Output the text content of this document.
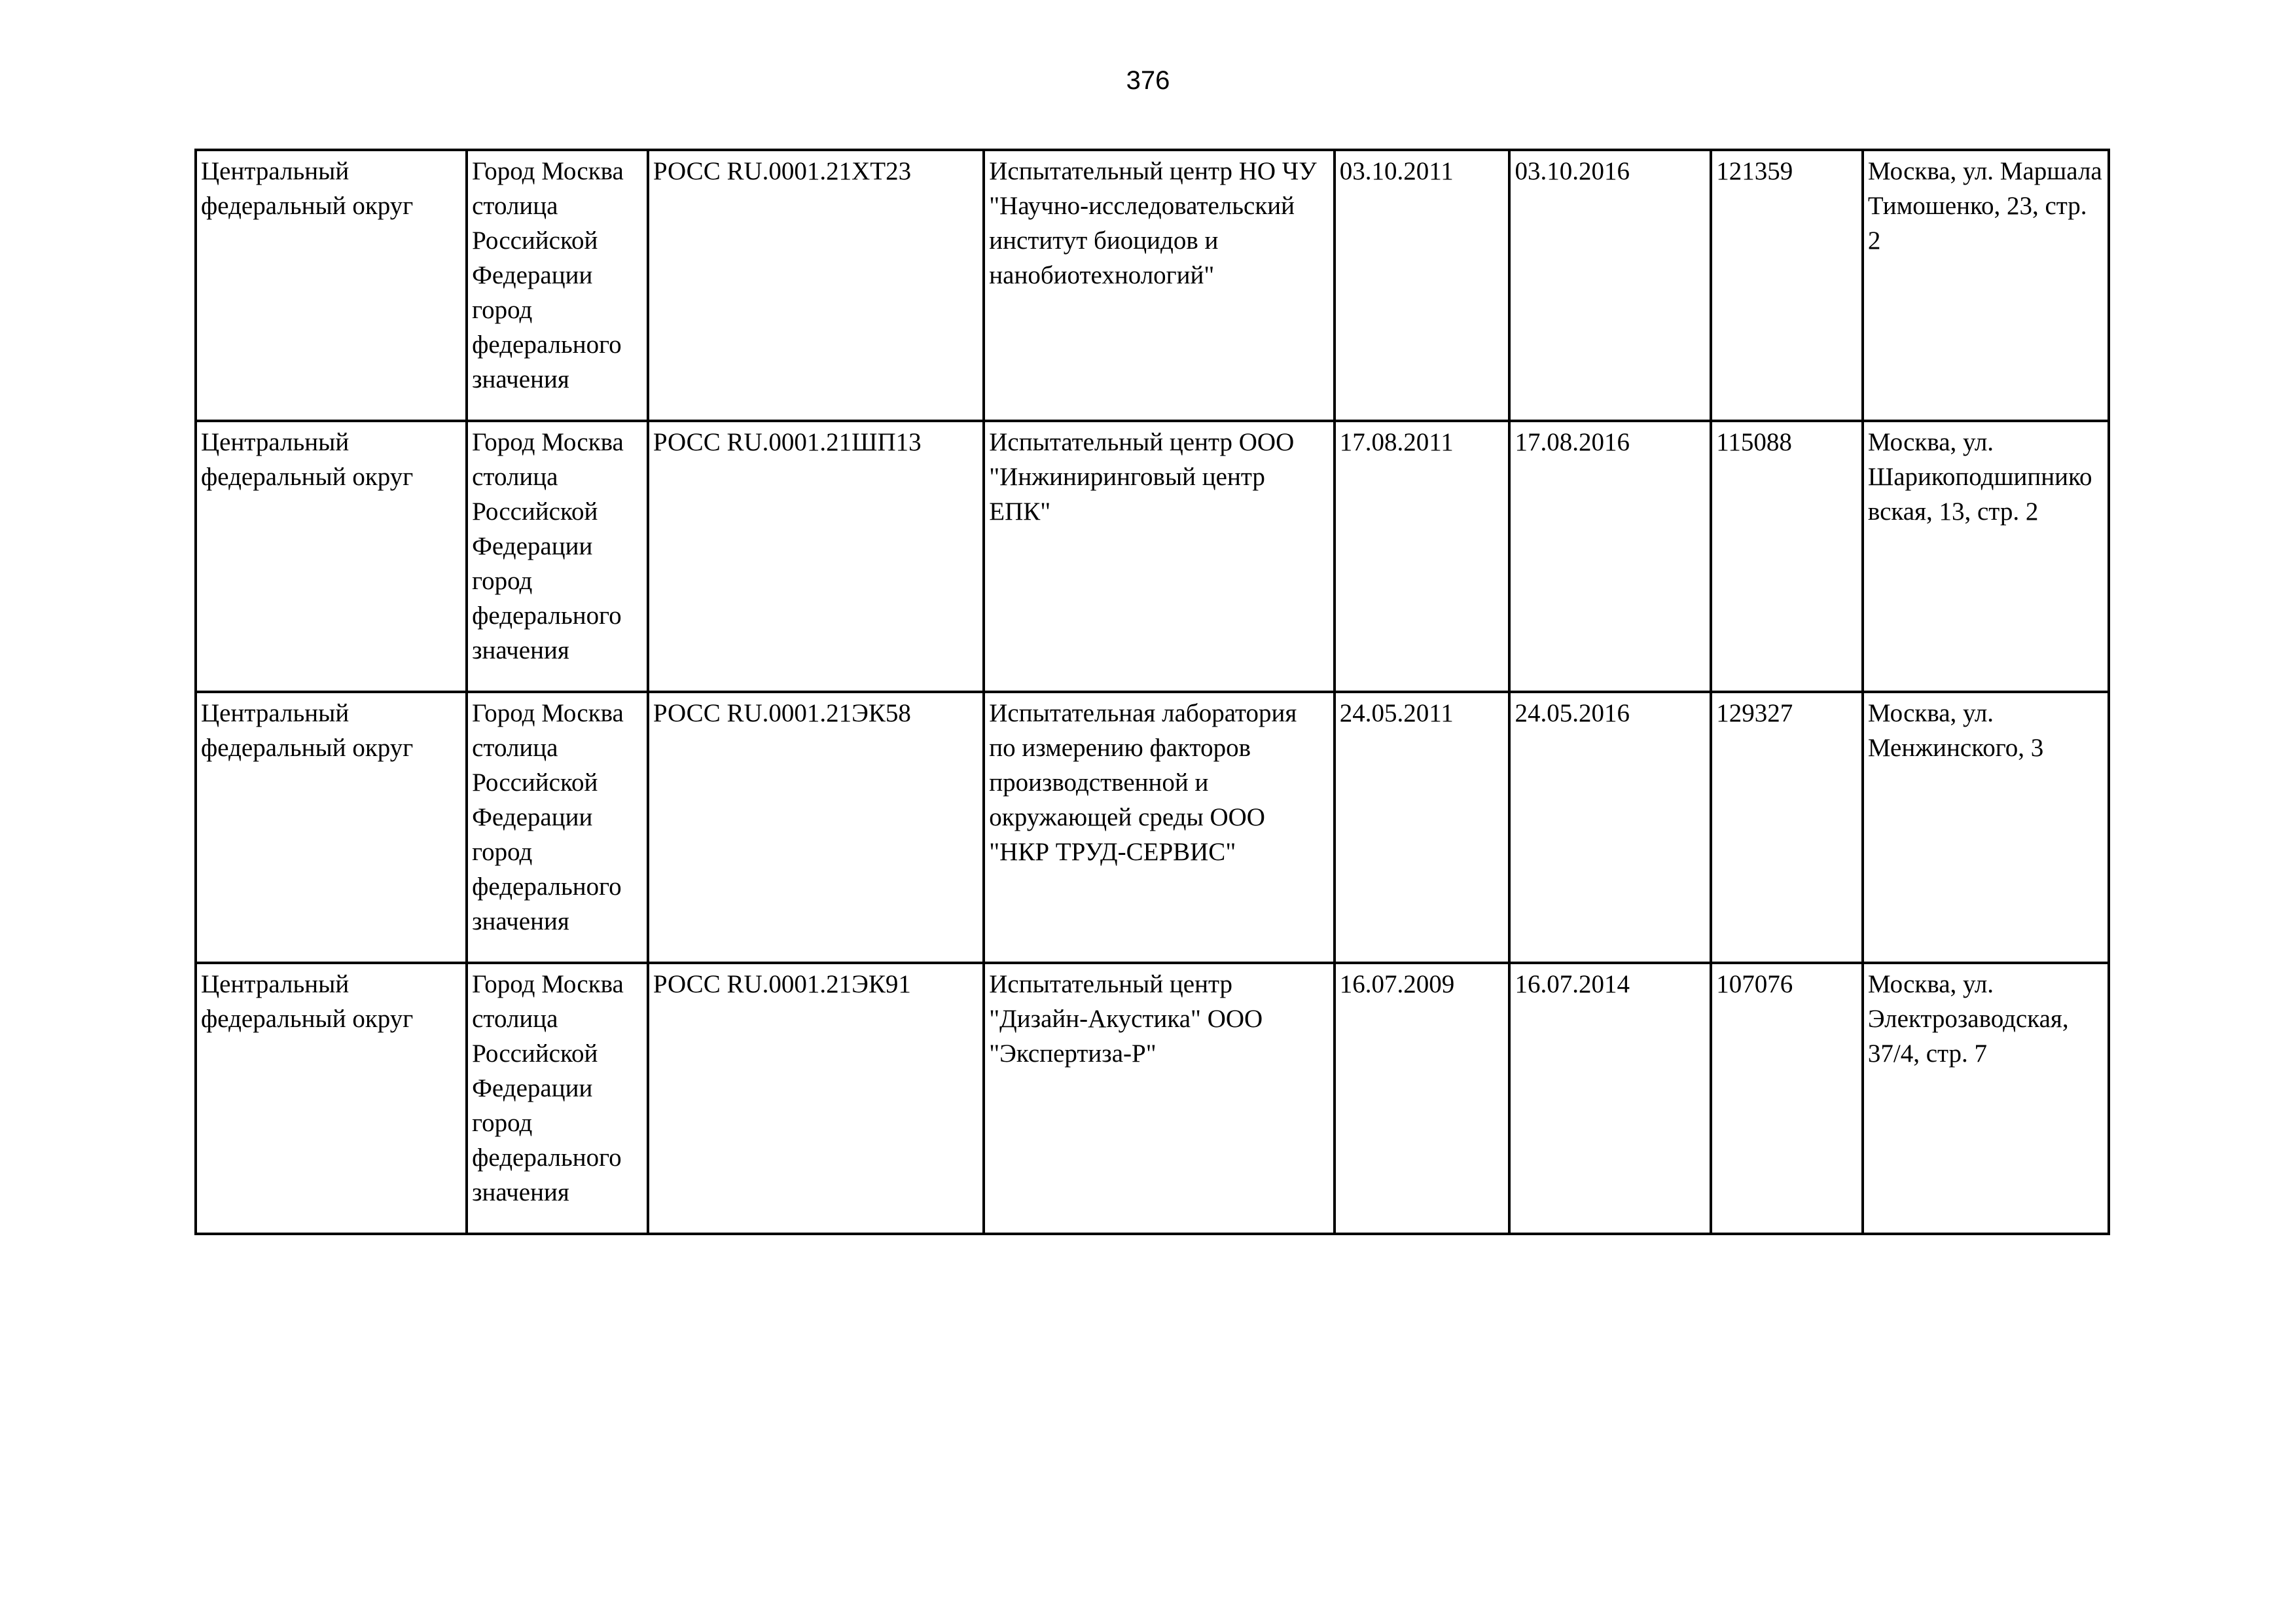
376
Центральный федеральный округ	Город Москва столица Российской Федерации город федерального значения	РОСС RU.0001.21ХТ23	Испытательный центр НО ЧУ "Научно-исследовательский институт биоцидов и нанобиотехнологий"	03.10.2011	03.10.2016	121359	Москва, ул. Маршала Тимошенко, 23, стр. 2

Центральный федеральный округ	Город Москва столица Российской Федерации город федерального значения	РОСС RU.0001.21ШП13	Испытательный центр ООО "Инжиниринговый центр ЕПК"	17.08.2011	17.08.2016	115088	Москва, ул. Шарикоподшипниковская, 13, стр. 2

Центральный федеральный округ	Город Москва столица Российской Федерации город федерального значения	РОСС RU.0001.21ЭК58	Испытательная лаборатория по измерению факторов производственной и окружающей среды ООО "НКР ТРУД-СЕРВИС"	24.05.2011	24.05.2016	129327	Москва, ул. Менжинского, 3

Центральный федеральный округ	Город Москва столица Российской Федерации город федерального значения	РОСС RU.0001.21ЭК91	Испытательный центр "Дизайн-Акустика" ООО "Экспертиза-Р"	16.07.2009	16.07.2014	107076	Москва, ул. Электрозаводская, 37/4, стр. 7
